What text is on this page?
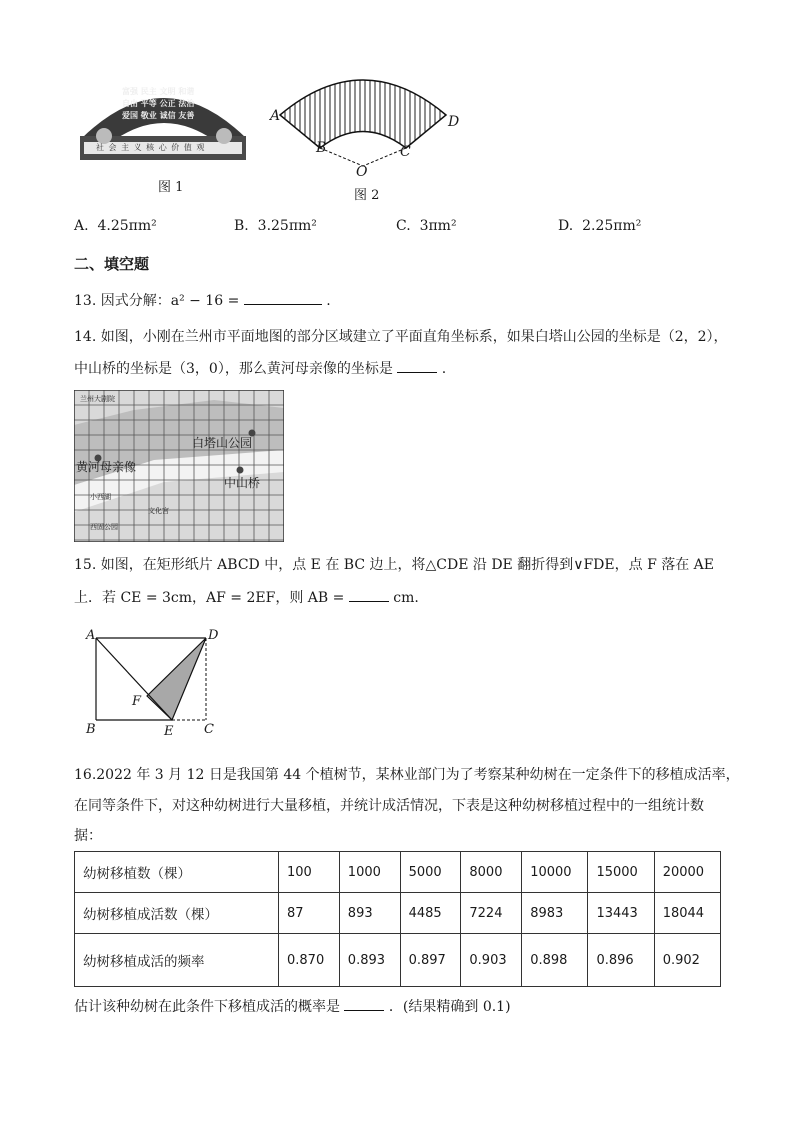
富强 民主 文明 和谐
自由 平等 公正 法治
爱国 敬业 诚信 友善
社 会 主 义 核 心 价 值 观
图 1
A	D
B	C
O
图 2
A. 4.25πm²	B. 3.25πm²	C. 3πm²	D. 2.25πm²
二、填空题
13. 因式分解：a² − 16 =	.
14. 如图，小刚在兰州市平面地图的部分区域建立了平面直角坐标系，如果白塔山公园的坐标是（2，2），
中山桥的坐标是（3，0），那么黄河母亲像的坐标是	.
白塔山公园
黄河母亲像
中山桥
兰州大剧院
小西湖
文化宫
西固公园
15. 如图，在矩形纸片 ABCD 中，点 E 在 BC 边上，将△CDE 沿 DE 翻折得到∨FDE，点 F 落在 AE
上．若 CE = 3cm，AF = 2EF，则 AB =	cm.
A	D
B	E C
F
16.2022 年 3 月 12 日是我国第 44 个植树节，某林业部门为了考察某种幼树在一定条件下的移植成活率，
在同等条件下，对这种幼树进行大量移植，并统计成活情况，下表是这种幼树移植过程中的一组统计数
据：
幼树移植数（棵）	100	1000	5000	8000	10000	15000	20000
幼树移植成活数（棵）	87	893	4485	7224	8983	13443	18044
幼树移植成活的频率	0.870	0.893	0.897	0.903	0.898	0.896	0.902
估计该种幼树在此条件下移植成活的概率是	．(结果精确到 0.1)
